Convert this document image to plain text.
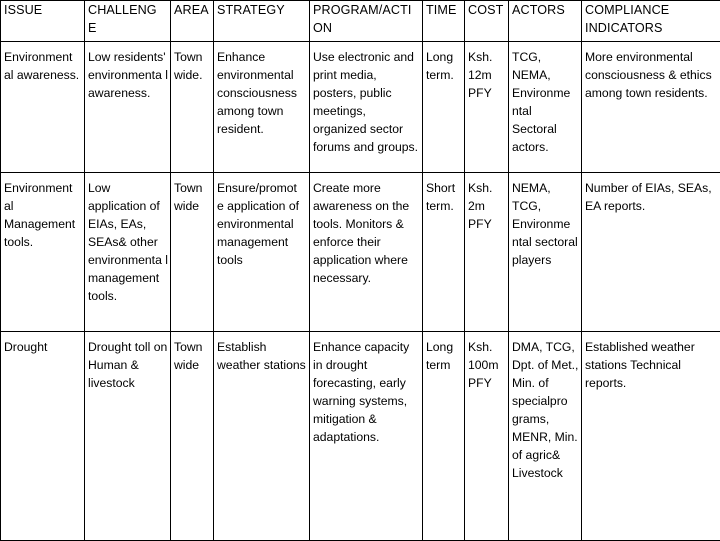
ISSUE	CHALLENG E	AREA	STRATEGY	PROGRAM/ACTI ON	TIME	COST	ACTORS	COMPLIANCE INDICATORS
Environment al awareness.	Low residents' environmenta l awareness.	Town wide.	Enhance environmental consciousness among town resident.	Use electronic and print media, posters, public meetings, organized sector forums and groups.	Long term.	Ksh. 12m PFY	TCG, NEMA, Environme ntal Sectoral actors.	More environmental consciousness & ethics among town residents.
Environment al Management tools.	Low application of EIAs, EAs, SEAs& other environmenta l management tools.	Town wide	Ensure/promot e application of environmental management tools	Create more awareness on the tools. Monitors & enforce their application where necessary.	Short term.	Ksh. 2m PFY	NEMA, TCG, Environme ntal sectoral players	Number of EIAs, SEAs, EA reports.
Drought	Drought toll on Human & livestock	Town wide	Establish weather stations	Enhance capacity in drought forecasting, early warning systems, mitigation & adaptations.	Long term	Ksh. 100m PFY	DMA, TCG, Dpt. of Met., Min. of specialpro grams, MENR, Min. of agric& Livestock	Established weather stations Technical reports.
